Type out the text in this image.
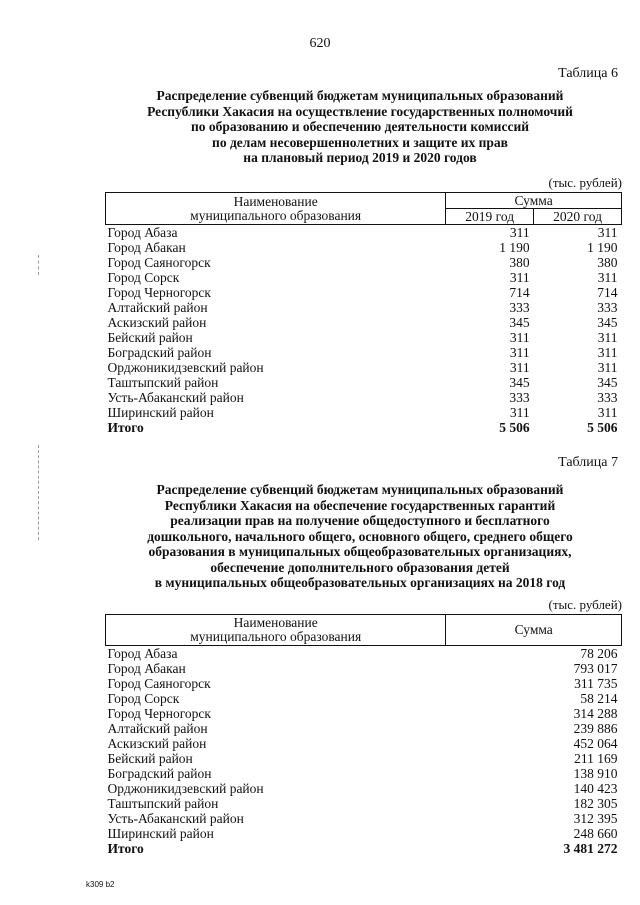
620
Таблица 6
Распределение субвенций бюджетам муниципальных образований
Республики Хакасия на осуществление государственных полномочий
по образованию и обеспечению деятельности комиссий
по делам несовершеннолетних и защите их прав
на плановый период 2019 и 2020 годов
(тыс. рублей)
Наименование
муниципального образования	Сумма	
	2019 год	2020 год
Город Абаза	311	311
Город Абакан	1 190	1 190
Город Саяногорск	380	380
Город Сорск	311	311
Город Черногорск	714	714
Алтайский район	333	333
Аскизский район	345	345
Бейский район	311	311
Боградский район	311	311
Орджоникидзевский район	311	311
Таштыпский район	345	345
Усть-Абаканский район	333	333
Ширинский район	311	311
Итого	5 506	5 506
Таблица 7
Распределение субвенций бюджетам муниципальных образований
Республики Хакасия на обеспечение государственных гарантий
реализации прав на получение общедоступного и бесплатного
дошкольного, начального общего, основного общего, среднего общего
образования в муниципальных общеобразовательных организациях,
обеспечение дополнительного образования детей
в муниципальных общеобразовательных организациях на 2018 год
(тыс. рублей)
Наименование
муниципального образования	Сумма
Город Абаза	78 206
Город Абакан	793 017
Город Саяногорск	311 735
Город Сорск	58 214
Город Черногорск	314 288
Алтайский район	239 886
Аскизский район	452 064
Бейский район	211 169
Боградский район	138 910
Орджоникидзевский район	140 423
Таштыпский район	182 305
Усть-Абаканский район	312 395
Ширинский район	248 660
Итого	3 481 272
k309 b2
